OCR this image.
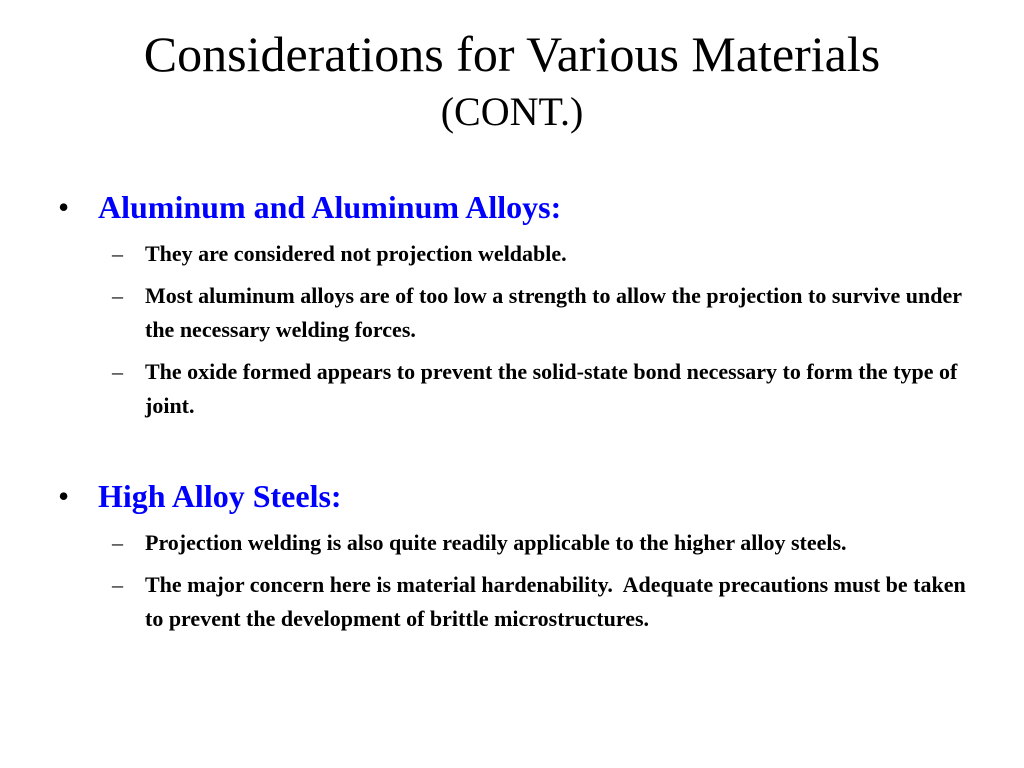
Considerations for Various Materials
(CONT.)
• Aluminum and Aluminum Alloys:
– They are considered not projection weldable.
– Most aluminum alloys are of too low a strength to allow the projection to survive under the necessary welding forces.
– The oxide formed appears to prevent the solid-state bond necessary to form the type of joint.
• High Alloy Steels:
– Projection welding is also quite readily applicable to the higher alloy steels.
– The major concern here is material hardenability.  Adequate precautions must be taken to prevent the development of brittle microstructures.
